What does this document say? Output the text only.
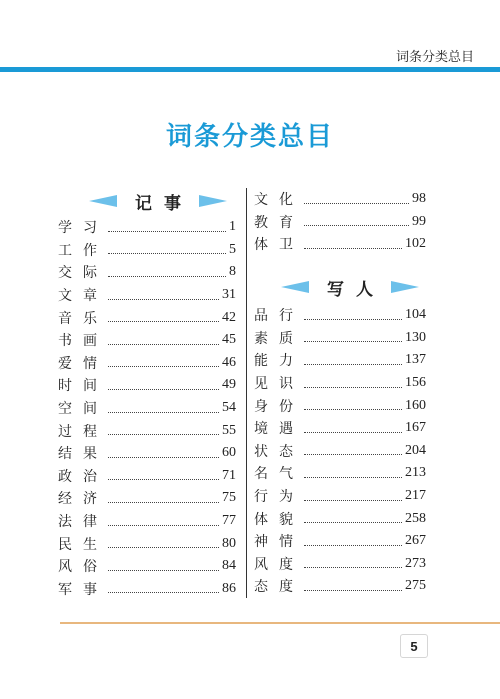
词条分类总目
词条分类总目
记事
学习	1
工作	5
交际	8
文章	31
音乐	42
书画	45
爱情	46
时间	49
空间	54
过程	55
结果	60
政治	71
经济	75
法律	77
民生	80
风俗	84
军事	86
文化	98
教育	99
体卫	102
写人
品行	104
素质	130
能力	137
见识	156
身份	160
境遇	167
状态	204
名气	213
行为	217
体貌	258
神情	267
风度	273
态度	275
5
